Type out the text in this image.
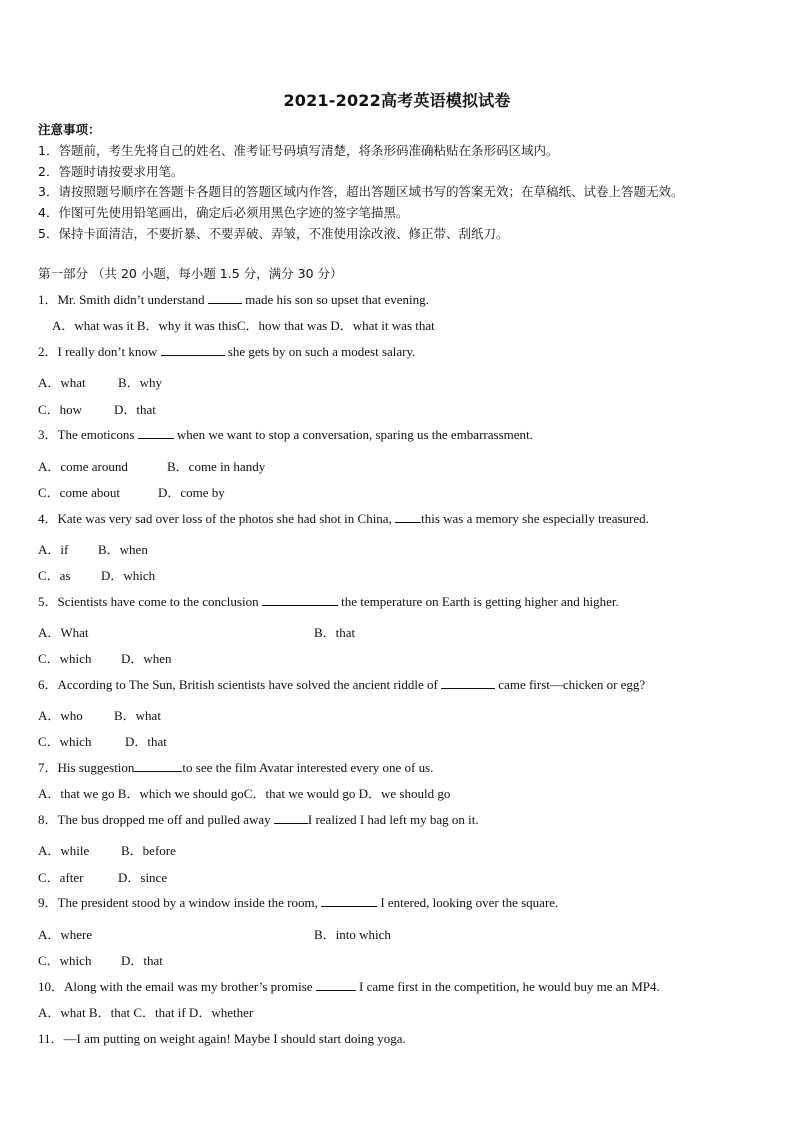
2021-2022高考英语模拟试卷
注意事项：
1．答题前，考生先将自己的姓名、准考证号码填写清楚，将条形码准确粘贴在条形码区域内。
2．答题时请按要求用笔。
3．请按照题号顺序在答题卡各题目的答题区域内作答，超出答题区域书写的答案无效；在草稿纸、试卷上答题无效。
4．作图可先使用铅笔画出，确定后必须用黑色字迹的签字笔描黑。
5．保持卡面清洁，不要折暴、不要弄破、弄皱，不准使用涂改液、修正带、刮纸刀。
第一部分 （共 20 小题，每小题 1.5 分，满分 30 分）
1．Mr. Smith didn’t understand	made his son so upset that evening.
A．what was it B．why it was thisC．how that was D．what it was that
2．I really don’t know	she gets by on such a modest salary.
A．what B．why
C．how D．that
3．The emoticons	when we want to stop a conversation, sparing us the embarrassment.
A．come around	B．come in handy
C．come about	D．come by
4．Kate was very sad over loss of the photos she had shot in China, this was a memory she especially treasured.
A．if B．when
C．as D．which
5．Scientists have come to the conclusion	the temperature on Earth is getting higher and higher.
A．What	B．that
C．which D．when
6．According to The Sun, British scientists have solved the ancient riddle of	came first—chicken or egg?
A．who B．what
C．which	D．that
7．His suggestion	to see the film Avatar interested every one of us.
A．that we go B．which we should goC．that we would go D．we should go
8．The bus dropped me off and pulled away	I realized I had left my bag on it.
A．while B．before
C．after	D．since
9．The president stood by a window inside the room,	I entered, looking over the square.
A．where	B．into which
C．which D．that
10．Along with the email was my brother’s promise	I came first in the competition, he would buy me an MP4.
A．what B．that C．that if D．whether
11．—I am putting on weight again! Maybe I should start doing yoga.
